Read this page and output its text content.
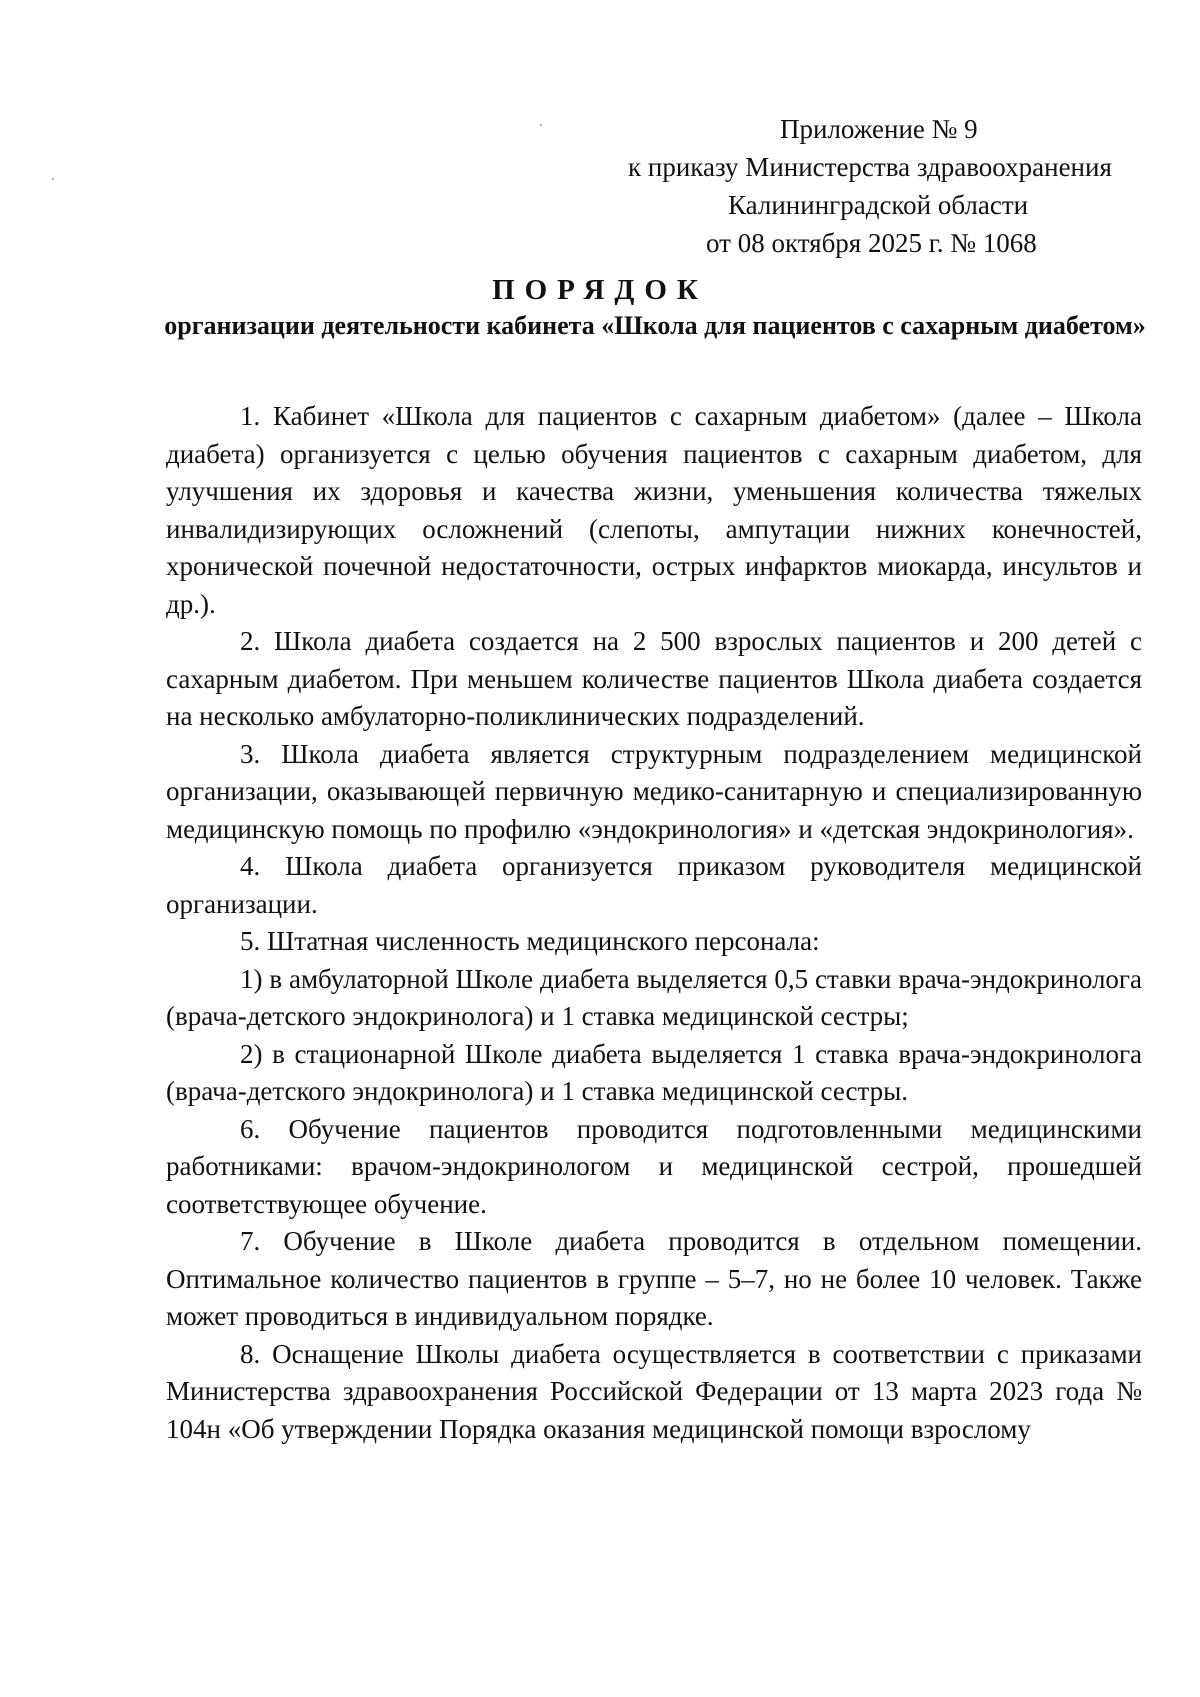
Приложение № 9
к приказу Министерства здравоохранения
Калининградской области
от 08 октября 2025 г. № 1068
ПОРЯДОК
организации деятельности кабинета «Школа для пациентов с сахарным диабетом»

1. Кабинет «Школа для пациентов с сахарным диабетом» (далее – Школа диабета) организуется с целью обучения пациентов с сахарным диабетом, для улучшения их здоровья и качества жизни, уменьшения количества тяжелых инвалидизирующих осложнений (слепоты, ампутации нижних конечностей, хронической почечной недостаточности, острых инфарктов миокарда, инсультов и др.).

2. Школа диабета создается на 2 500 взрослых пациентов и 200 детей с сахарным диабетом. При меньшем количестве пациентов Школа диабета создается на несколько амбулаторно-поликлинических подразделений.

3. Школа диабета является структурным подразделением медицинской организации, оказывающей первичную медико-санитарную и специализированную медицинскую помощь по профилю «эндокринология» и «детская эндокринология».

4. Школа диабета организуется приказом руководителя медицинской организации.

5. Штатная численность медицинского персонала:

1) в амбулаторной Школе диабета выделяется 0,5 ставки врача-эндокринолога (врача-детского эндокринолога) и 1 ставка медицинской сестры;

2) в стационарной Школе диабета выделяется 1 ставка врача-эндокринолога (врача-детского эндокринолога) и 1 ставка медицинской сестры.

6. Обучение пациентов проводится подготовленными медицинскими работниками: врачом-эндокринологом и медицинской сестрой, прошедшей соответствующее обучение.

7. Обучение в Школе диабета проводится в отдельном помещении. Оптимальное количество пациентов в группе – 5–7, но не более 10 человек. Также может проводиться в индивидуальном порядке.

8. Оснащение Школы диабета осуществляется в соответствии с приказами Министерства здравоохранения Российской Федерации от 13 марта 2023 года № 104н «Об утверждении Порядка оказания медицинской помощи взрослому
